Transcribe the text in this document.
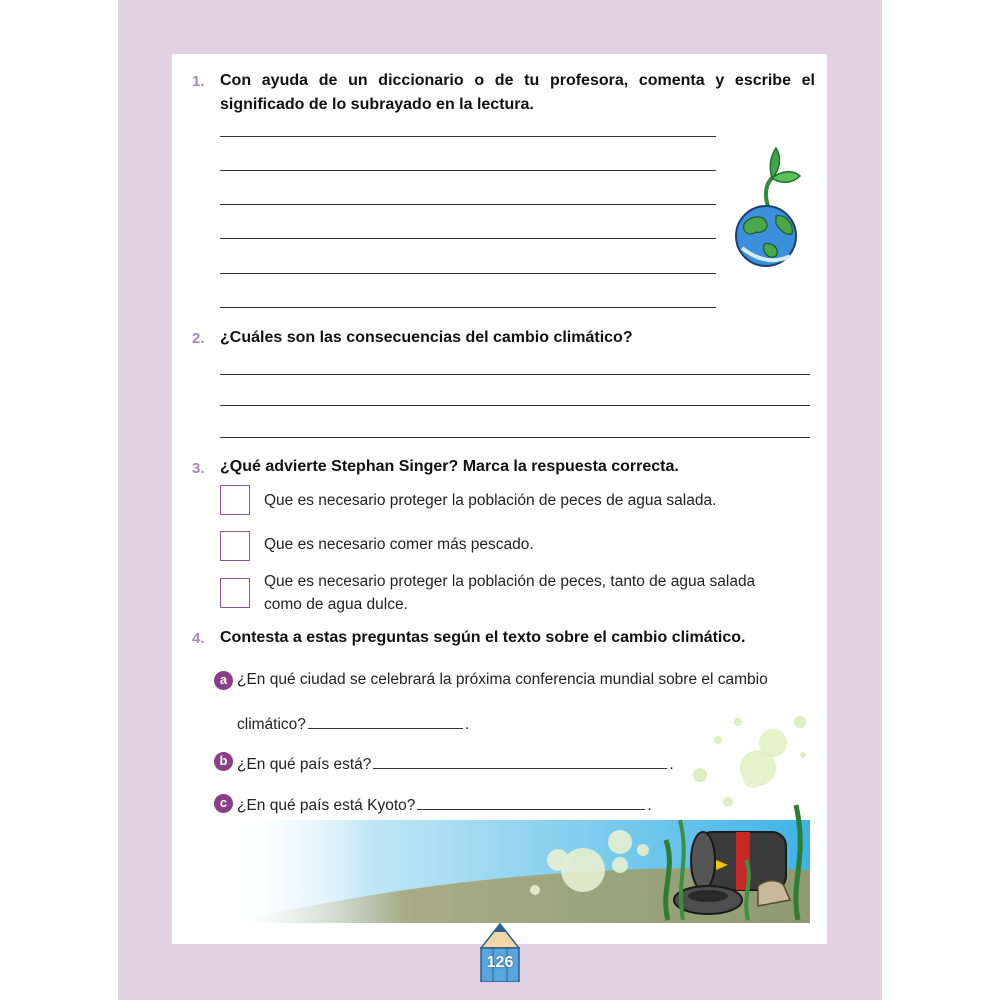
1. Con ayuda de un diccionario o de tu profesora, comenta y escribe el
significado de lo subrayado en la lectura.
2. ¿Cuáles son las consecuencias del cambio climático?
3. ¿Qué advierte Stephan Singer? Marca la respuesta correcta.
Que es necesario proteger la población de peces de agua salada.
Que es necesario comer más pescado.
Que es necesario proteger la población de peces, tanto de agua salada
como de agua dulce.
4. Contesta a estas preguntas según el texto sobre el cambio climático.
a ¿En qué ciudad se celebrará la próxima conferencia mundial sobre el cambio
climático?	.
b ¿En qué país está?	.
c ¿En qué país está Kyoto?	.
126
